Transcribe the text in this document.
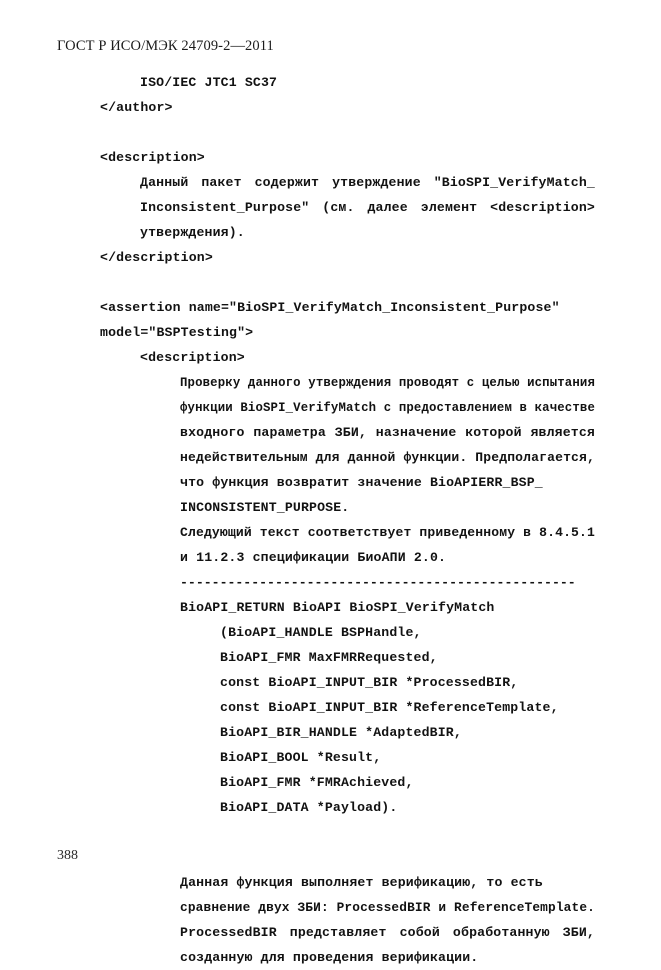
ГОСТ Р ИСО/МЭК 24709-2—2011
ISO/IEC JTC1 SC37
</author>
<description>
Данный пакет содержит утверждение "BioSPI_VerifyMatch_
Inconsistent_Purpose" (см. далее элемент <description>
утверждения).
</description>
<assertion name="BioSPI_VerifyMatch_Inconsistent_Purpose"
model="BSPTesting">
<description>
Проверку данного утверждения проводят с целью испытания
функции BioSPI_VerifyMatch с предоставлением в качестве
входного параметра ЗБИ, назначение которой является
недействительным для данной функции. Предполагается,
что функция возвратит значение BioAPIERR_BSP_
INCONSISTENT_PURPOSE.
Следующий текст соответствует приведенному в 8.4.5.1
и 11.2.3 спецификации БиоАПИ 2.0.
--------------------------------------------------
BioAPI_RETURN BioAPI BioSPI_VerifyMatch
(BioAPI_HANDLE BSPHandle,
BioAPI_FMR MaxFMRRequested,
const BioAPI_INPUT_BIR *ProcessedBIR,
const BioAPI_INPUT_BIR *ReferenceTemplate,
BioAPI_BIR_HANDLE *AdaptedBIR,
BioAPI_BOOL *Result,
BioAPI_FMR *FMRAchieved,
BioAPI_DATA *Payload).
Данная функция выполняет верификацию, то есть
сравнение двух ЗБИ: ProcessedBIR и ReferenceTemplate.
ProcessedBIR представляет собой обработанную ЗБИ,
созданную для проведения верификации.
388
